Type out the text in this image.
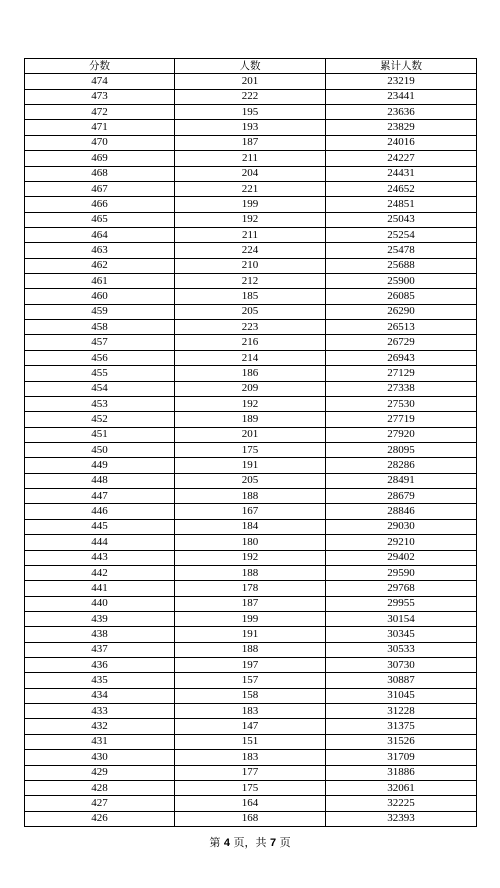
分数	人数	累计人数
474	201	23219
473	222	23441
472	195	23636
471	193	23829
470	187	24016
469	211	24227
468	204	24431
467	221	24652
466	199	24851
465	192	25043
464	211	25254
463	224	25478
462	210	25688
461	212	25900
460	185	26085
459	205	26290
458	223	26513
457	216	26729
456	214	26943
455	186	27129
454	209	27338
453	192	27530
452	189	27719
451	201	27920
450	175	28095
449	191	28286
448	205	28491
447	188	28679
446	167	28846
445	184	29030
444	180	29210
443	192	29402
442	188	29590
441	178	29768
440	187	29955
439	199	30154
438	191	30345
437	188	30533
436	197	30730
435	157	30887
434	158	31045
433	183	31228
432	147	31375
431	151	31526
430	183	31709
429	177	31886
428	175	32061
427	164	32225
426	168	32393
第 4 页，共 7 页
